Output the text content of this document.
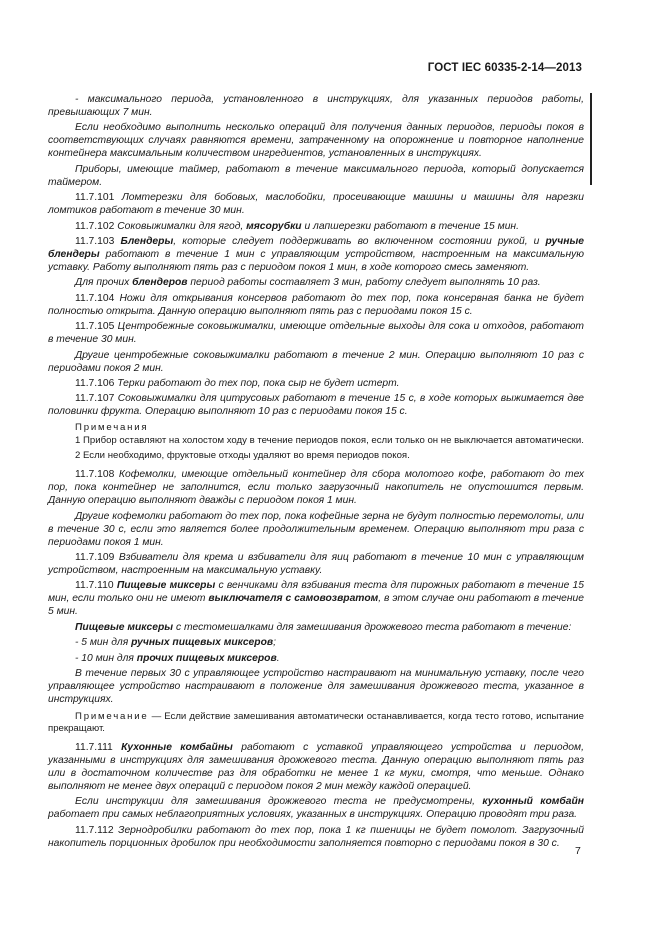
ГОСТ IEC 60335-2-14—2013

- максимального периода, установленного в инструкциях, для указанных периодов работы, превышающих 7 мин.

Если необходимо выполнить несколько операций для получения данных периодов, периоды покоя в соответствующих случаях равняются времени, затраченному на опорожнение и повторное наполнение контейнера максимальным количеством ингредиентов, установленных в инструкциях.

Приборы, имеющие таймер, работают в течение максимального периода, который допускается таймером.

11.7.101 Ломтерезки для бобовых, маслобойки, просеивающие машины и машины для нарезки ломтиков работают в течение 30 мин.

11.7.102 Соковыжималки для ягод, мясорубки и лапшерезки работают в течение 15 мин.

11.7.103 Блендеры, которые следует поддерживать во включенном состоянии рукой, и ручные блендеры работают в течение 1 мин с управляющим устройством, настроенным на максимальную уставку. Работу выполняют пять раз с периодом покоя 1 мин, в ходе которого смесь заменяют.

Для прочих блендеров период работы составляет 3 мин, работу следует выполнять 10 раз.

11.7.104 Ножи для открывания консервов работают до тех пор, пока консервная банка не будет полностью открыта. Данную операцию выполняют пять раз с периодами покоя 15 с.

11.7.105 Центробежные соковыжималки, имеющие отдельные выходы для сока и отходов, работают в течение 30 мин.

Другие центробежные соковыжималки работают в течение 2 мин. Операцию выполняют 10 раз с периодами покоя 2 мин.

11.7.106 Терки работают до тех пор, пока сыр не будет истерт.

11.7.107 Соковыжималки для цитрусовых работают в течение 15 с, в ходе которых выжимается две половинки фрукта. Операцию выполняют 10 раз с периодами покоя 15 с.

Примечания

1 Прибор оставляют на холостом ходу в течение периодов покоя, если только он не выключается автоматически.

2 Если необходимо, фруктовые отходы удаляют во время периодов покоя.

11.7.108 Кофемолки, имеющие отдельный контейнер для сбора молотого кофе, работают до тех пор, пока контейнер не заполнится, если только загрузочный накопитель не опустошится первым. Данную операцию выполняют дважды с периодом покоя 1 мин.

Другие кофемолки работают до тех пор, пока кофейные зерна не будут полностью перемолоты, или в течение 30 с, если это является более продолжительным временем. Операцию выполняют три раза с периодами покоя 1 мин.

11.7.109 Взбиватели для крема и взбиватели для яиц работают в течение 10 мин с управляющим устройством, настроенным на максимальную уставку.

11.7.110 Пищевые миксеры с венчиками для взбивания теста для пирожных работают в течение 15 мин, если только они не имеют выключателя с самовозвратом, в этом случае они работают в течение 5 мин.

Пищевые миксеры с тестомешалками для замешивания дрожжевого теста работают в течение:

- 5 мин для ручных пищевых миксеров;

- 10 мин для прочих пищевых миксеров.

В течение первых 30 с управляющее устройство настраивают на минимальную уставку, после чего управляющее устройство настраивают в положение для замешивания дрожжевого теста, указанное в инструкциях.

Примечание — Если действие замешивания автоматически останавливается, когда тесто готово, испытание прекращают.

11.7.111 Кухонные комбайны работают с уставкой управляющего устройства и периодом, указанными в инструкциях для замешивания дрожжевого теста. Данную операцию выполняют пять раз или в достаточном количестве раз для обработки не менее 1 кг муки, смотря, что меньше. Однако выполняют не менее двух операций с периодом покоя 2 мин между каждой операцией.

Если инструкции для замешивания дрожжевого теста не предусмотрены, кухонный комбайн работает при самых неблагоприятных условиях, указанных в инструкциях. Операцию проводят три раза.

11.7.112 Зернодробилки работают до тех пор, пока 1 кг пшеницы не будет помолот. Загрузочный накопитель порционных дробилок при необходимости заполняется повторно с периодами покоя в 30 с.

7
